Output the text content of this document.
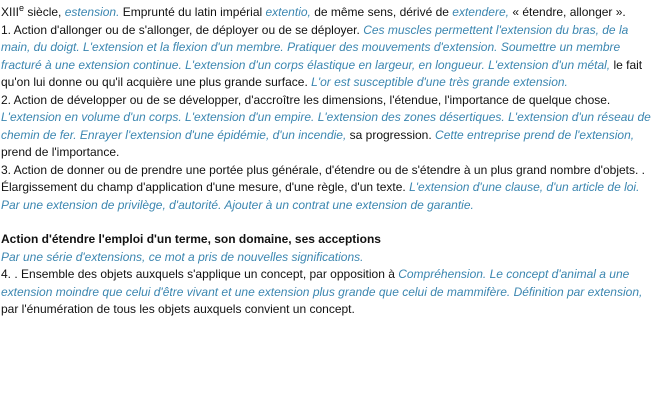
XIIIe siècle, estension. Emprunté du latin impérial extentio, de même sens, dérivé de extendere, « étendre, allonger ».

1. Action d'allonger ou de s'allonger, de déployer ou de se déployer. Ces muscles permettent l'extension du bras, de la main, du doigt. L'extension et la flexion d'un membre. Pratiquer des mouvements d'extension. Soumettre un membre fracturé à une extension continue. L'extension d'un corps élastique en largeur, en longueur. L'extension d'un métal, le fait qu'on lui donne ou qu'il acquière une plus grande surface. L'or est susceptible d'une très grande extension.

2. Action de développer ou de se développer, d'accroître les dimensions, l'étendue, l'importance de quelque chose. L'extension en volume d'un corps. L'extension d'un empire. L'extension des zones désertiques. L'extension d'un réseau de chemin de fer. Enrayer l'extension d'une épidémie, d'un incendie, sa progression. Cette entreprise prend de l'extension, prend de l'importance.

3. Action de donner ou de prendre une portée plus générale, d'étendre ou de s'étendre à un plus grand nombre d'objets. . Élargissement du champ d'application d'une mesure, d'une règle, d'un texte. L'extension d'une clause, d'un article de loi. Par une extension de privilège, d'autorité. Ajouter à un contrat une extension de garantie.

Action d'étendre l'emploi d'un terme, son domaine, ses acceptions

Par une série d'extensions, ce mot a pris de nouvelles significations.

4. . Ensemble des objets auxquels s'applique un concept, par opposition à Compréhension. Le concept d'animal a une extension moindre que celui d'être vivant et une extension plus grande que celui de mammifère. Définition par extension, par l'énumération de tous les objets auxquels convient un concept.
